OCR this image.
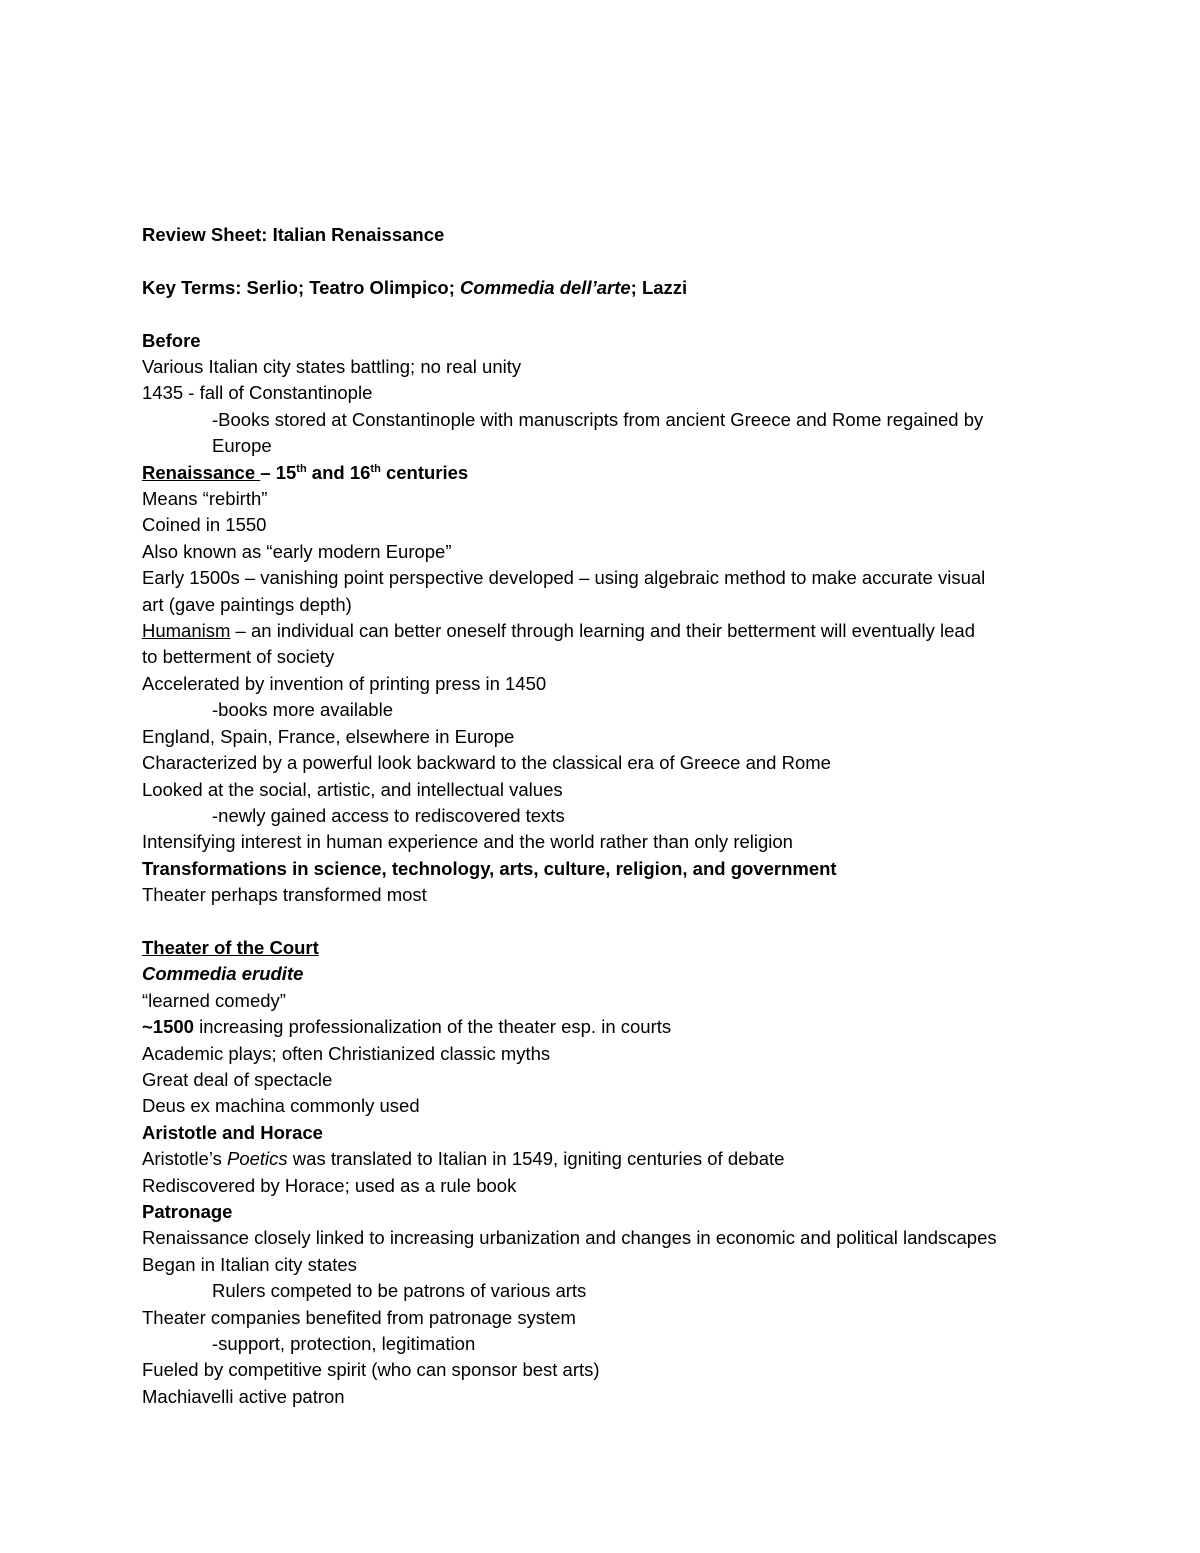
Review Sheet: Italian Renaissance
Key Terms: Serlio; Teatro Olimpico; Commedia dell’arte; Lazzi
Before
Various Italian city states battling; no real unity
1435 - fall of Constantinople
-Books stored at Constantinople with manuscripts from ancient Greece and Rome regained by
Europe
Renaissance – 15th and 16th centuries
Means “rebirth”
Coined in 1550
Also known as “early modern Europe”
Early 1500s – vanishing point perspective developed – using algebraic method to make accurate visual
art (gave paintings depth)
Humanism – an individual can better oneself through learning and their betterment will eventually lead
to betterment of society
Accelerated by invention of printing press in 1450
-books more available
England, Spain, France, elsewhere in Europe
Characterized by a powerful look backward to the classical era of Greece and Rome
Looked at the social, artistic, and intellectual values
-newly gained access to rediscovered texts
Intensifying interest in human experience and the world rather than only religion
Transformations in science, technology, arts, culture, religion, and government
Theater perhaps transformed most
Theater of the Court
Commedia erudite
“learned comedy”
~1500 increasing professionalization of the theater esp. in courts
Academic plays; often Christianized classic myths
Great deal of spectacle
Deus ex machina commonly used
Aristotle and Horace
Aristotle’s Poetics was translated to Italian in 1549, igniting centuries of debate
Rediscovered by Horace; used as a rule book
Patronage
Renaissance closely linked to increasing urbanization and changes in economic and political landscapes
Began in Italian city states
Rulers competed to be patrons of various arts
Theater companies benefited from patronage system
-support, protection, legitimation
Fueled by competitive spirit (who can sponsor best arts)
Machiavelli active patron
